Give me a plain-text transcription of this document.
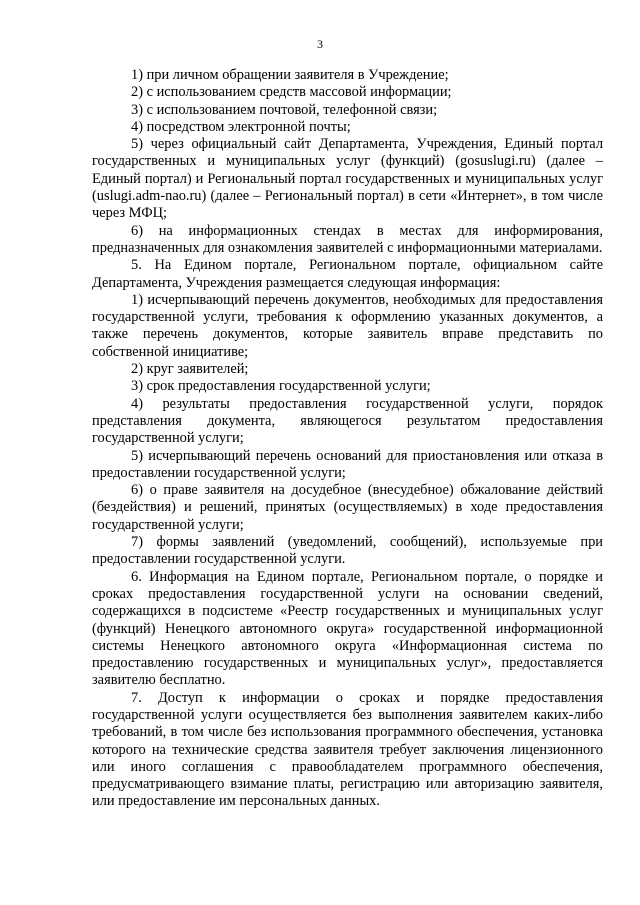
3

1) при личном обращении заявителя в Учреждение;

2) с использованием средств массовой информации;

3) с использованием почтовой, телефонной связи;

4) посредством электронной почты;

5) через официальный сайт Департамента, Учреждения, Единый портал государственных и муниципальных услуг (функций) (gosuslugi.ru) (далее – Единый портал) и Региональный портал государственных и муниципальных услуг (uslugi.adm-nao.ru) (далее – Региональный портал) в сети «Интернет», в том числе через МФЦ;

6) на информационных стендах в местах для информирования, предназначенных для ознакомления заявителей с информационными материалами.

5. На Едином портале, Региональном портале, официальном сайте Департамента, Учреждения размещается следующая информация:

1) исчерпывающий перечень документов, необходимых для предоставления государственной услуги, требования к оформлению указанных документов, а также перечень документов, которые заявитель вправе представить по собственной инициативе;

2) круг заявителей;

3) срок предоставления государственной услуги;

4) результаты предоставления государственной услуги, порядок представления документа, являющегося результатом предоставления государственной услуги;

5) исчерпывающий перечень оснований для приостановления или отказа в предоставлении государственной услуги;

6) о праве заявителя на досудебное (внесудебное) обжалование действий (бездействия) и решений, принятых (осуществляемых) в ходе предоставления государственной услуги;

7) формы заявлений (уведомлений, сообщений), используемые при предоставлении государственной услуги.

6. Информация на Едином портале, Региональном портале, о порядке и сроках предоставления государственной услуги на основании сведений, содержащихся в подсистеме «Реестр государственных и муниципальных услуг (функций) Ненецкого автономного округа» государственной информационной системы Ненецкого автономного округа «Информационная система по предоставлению государственных и муниципальных услуг», предоставляется заявителю бесплатно.

7. Доступ к информации о сроках и порядке предоставления государственной услуги осуществляется без выполнения заявителем каких-либо требований, в том числе без использования программного обеспечения, установка которого на технические средства заявителя требует заключения лицензионного или иного соглашения с правообладателем программного обеспечения, предусматривающего взимание платы, регистрацию или авторизацию заявителя, или предоставление им персональных данных.
